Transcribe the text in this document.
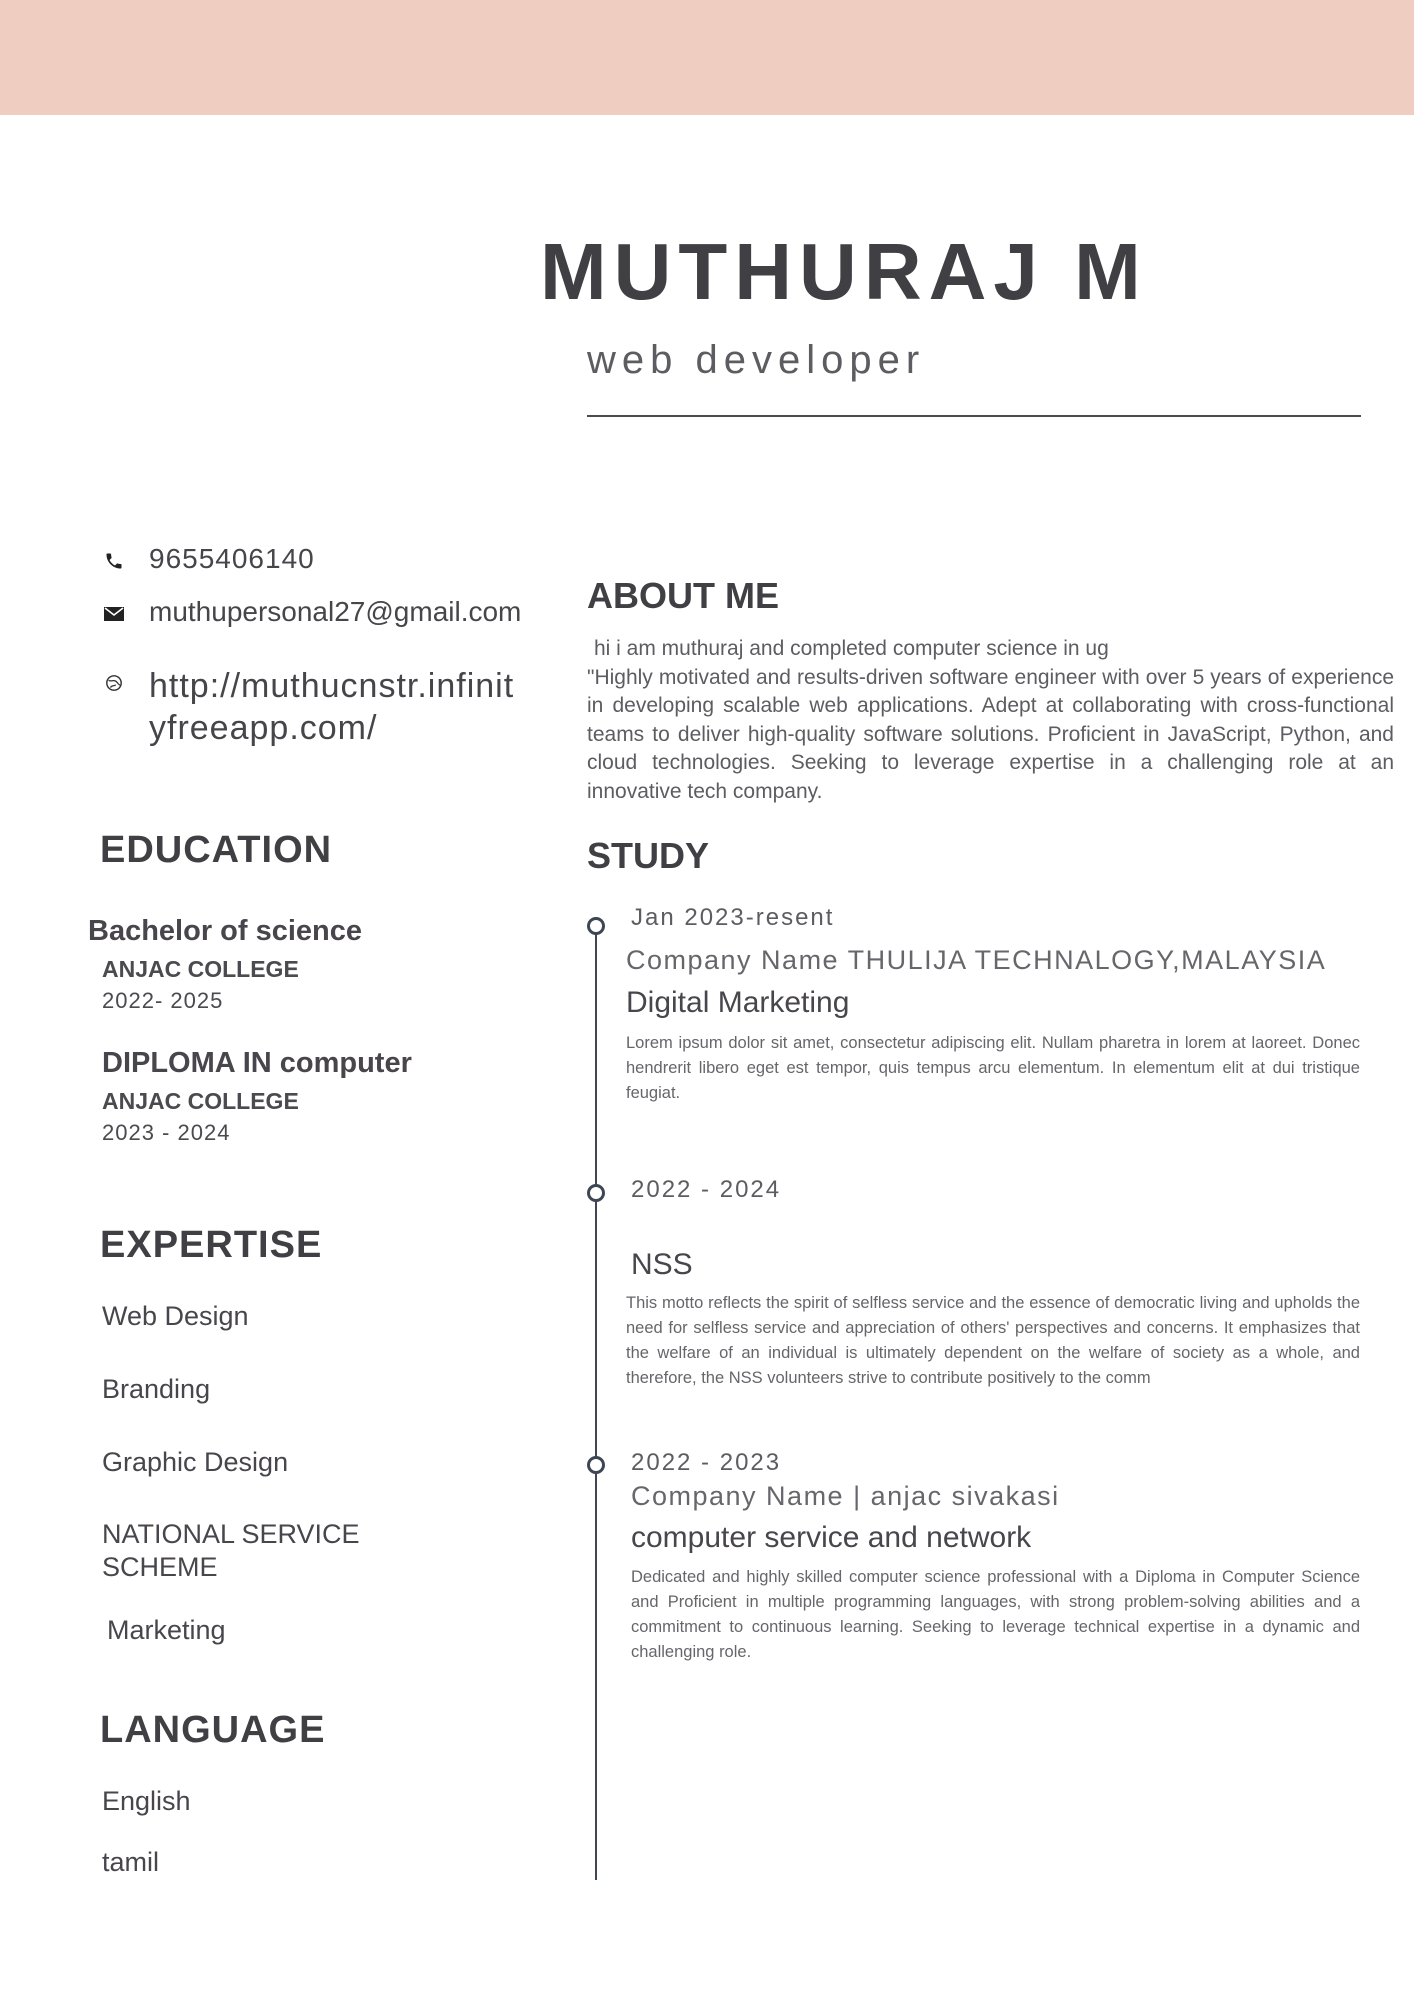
MUTHURAJ M
web developer
9655406140
muthupersonal27@gmail.com
http://muthucnstr.infinityfreeapp.com/
EDUCATION
Bachelor of science
ANJAC COLLEGE
2022- 2025
DIPLOMA IN computer
ANJAC COLLEGE
2023 - 2024
EXPERTISE
Web Design
Branding
Graphic Design
NATIONAL SERVICE SCHEME
Marketing
LANGUAGE
English
tamil
ABOUT ME

hi i am muthuraj and completed computer science in ug

"Highly motivated and results-driven software engineer with over 5 years of experience in developing scalable web applications. Adept at collaborating with cross-functional teams to deliver high-quality software solutions. Proficient in JavaScript, Python, and cloud technologies. Seeking to leverage expertise in a challenging role at an innovative tech company.

STUDY
Jan 2023-resent
Company Name THULIJA TECHNALOGY,MALAYSIA
Digital Marketing
Lorem ipsum dolor sit amet, consectetur adipiscing elit. Nullam pharetra in lorem at laoreet. Donec hendrerit libero eget est tempor, quis tempus arcu elementum. In elementum elit at dui tristique feugiat.
2022 - 2024
NSS
This motto reflects the spirit of selfless service and the essence of democratic living and upholds the need for selfless service and appreciation of others' perspectives and concerns. It emphasizes that the welfare of an individual is ultimately dependent on the welfare of society as a whole, and therefore, the NSS volunteers strive to contribute positively to the comm
2022 - 2023
Company Name | anjac sivakasi
computer service and network
Dedicated and highly skilled computer science professional with a Diploma in Computer Science and Proficient in multiple programming languages, with strong problem-solving abilities and a commitment to continuous learning. Seeking to leverage technical expertise in a dynamic and challenging role.
